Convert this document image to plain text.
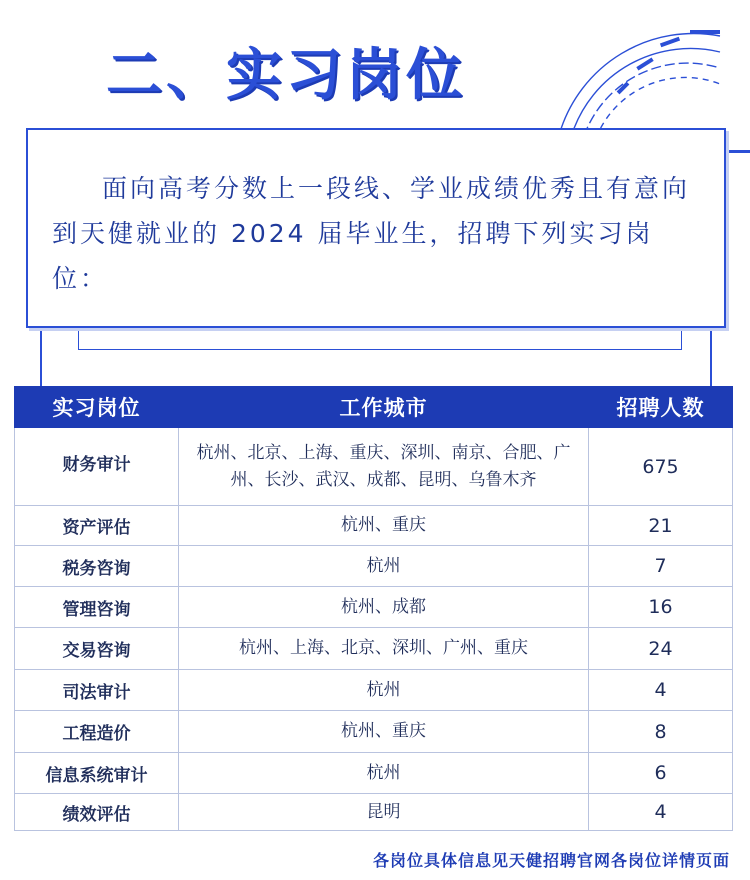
二、实习岗位

面向高考分数上一段线、学业成绩优秀且有意向到天健就业的 2024 届毕业生，招聘下列实习岗位：

实习岗位	工作城市	招聘人数
财务审计	杭州、北京、上海、重庆、深圳、南京、合肥、广州、长沙、武汉、成都、昆明、乌鲁木齐	675
资产评估	杭州、重庆	21
税务咨询	杭州	7
管理咨询	杭州、成都	16
交易咨询	杭州、上海、北京、深圳、广州、重庆	24
司法审计	杭州	4
工程造价	杭州、重庆	8
信息系统审计	杭州	6
绩效评估	昆明	4

各岗位具体信息见天健招聘官网各岗位详情页面
